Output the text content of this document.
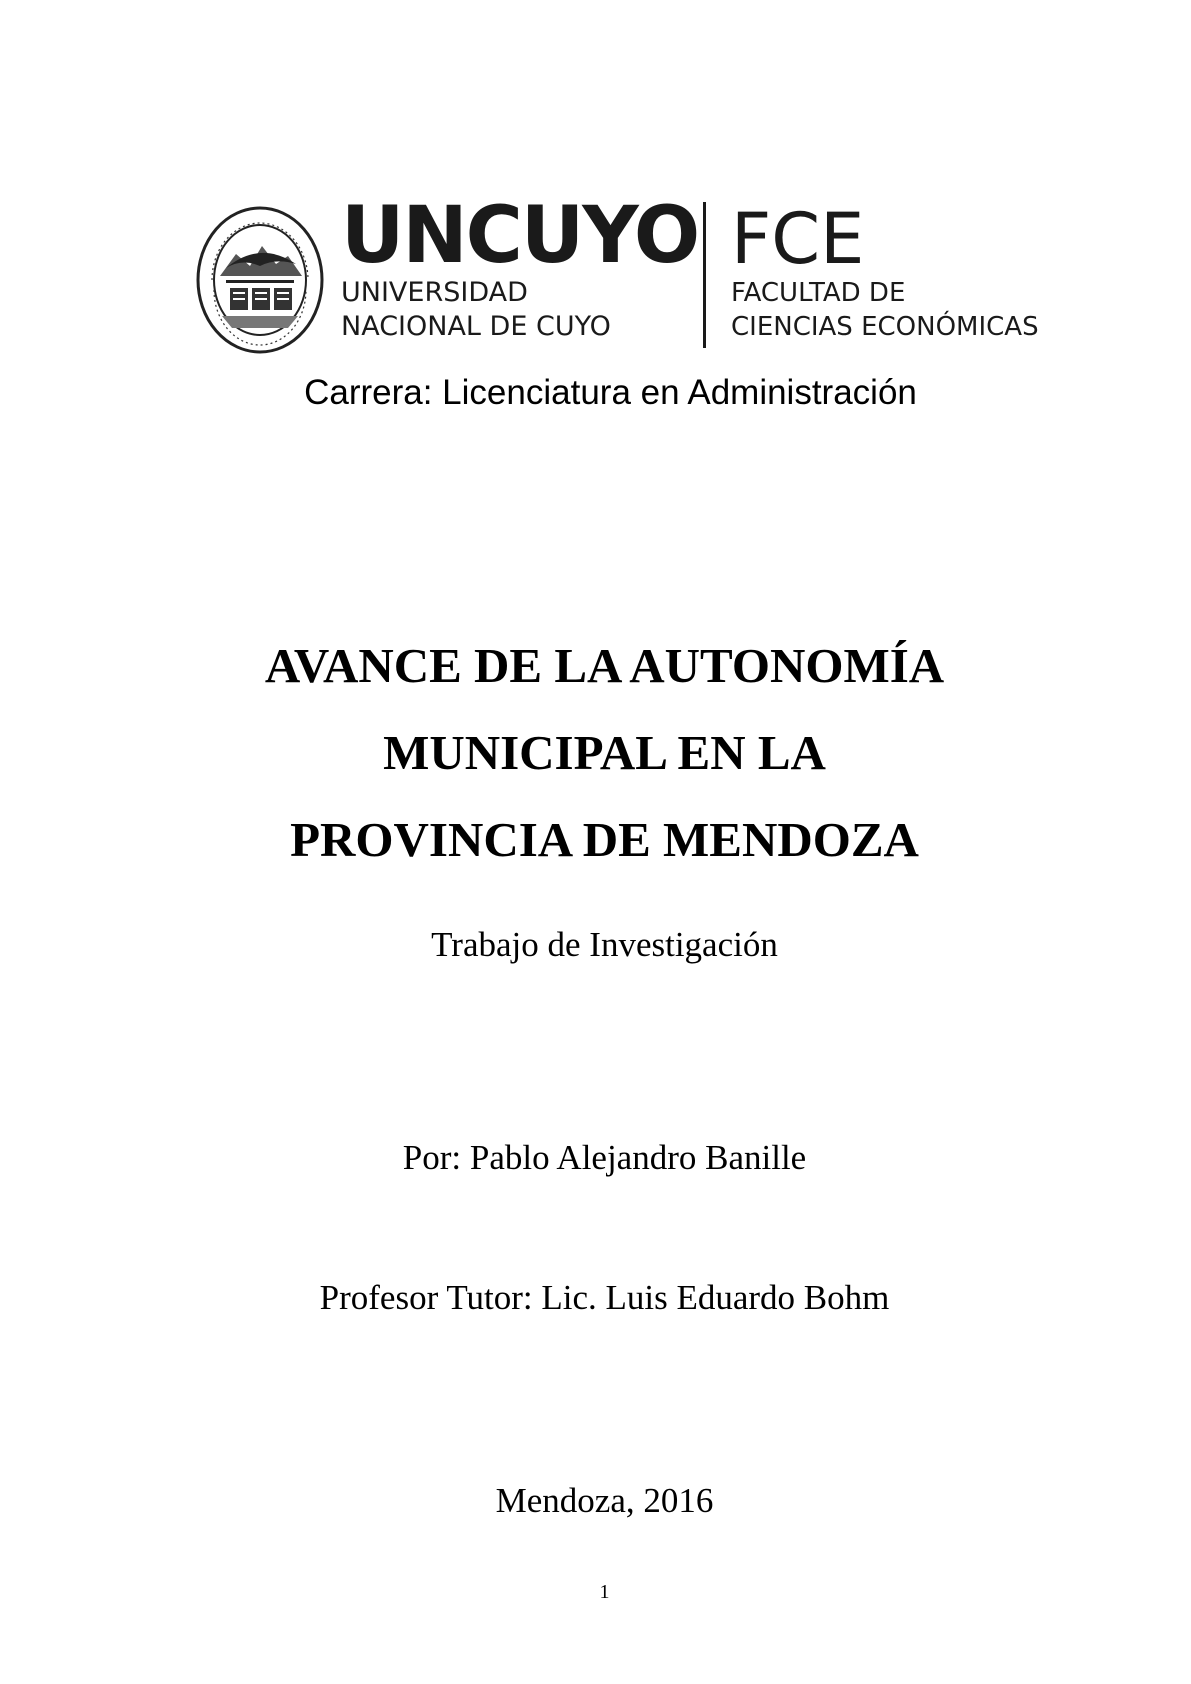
UNCUYO
UNIVERSIDAD
NACIONAL DE CUYO
FCE
FACULTAD DE
CIENCIAS ECONÓMICAS
Carrera: Licenciatura en Administración
AVANCE DE LA AUTONOMÍA
MUNICIPAL EN LA
PROVINCIA DE MENDOZA
Trabajo de Investigación
Por: Pablo Alejandro Banille
Profesor Tutor: Lic. Luis Eduardo Bohm
Mendoza, 2016
1
